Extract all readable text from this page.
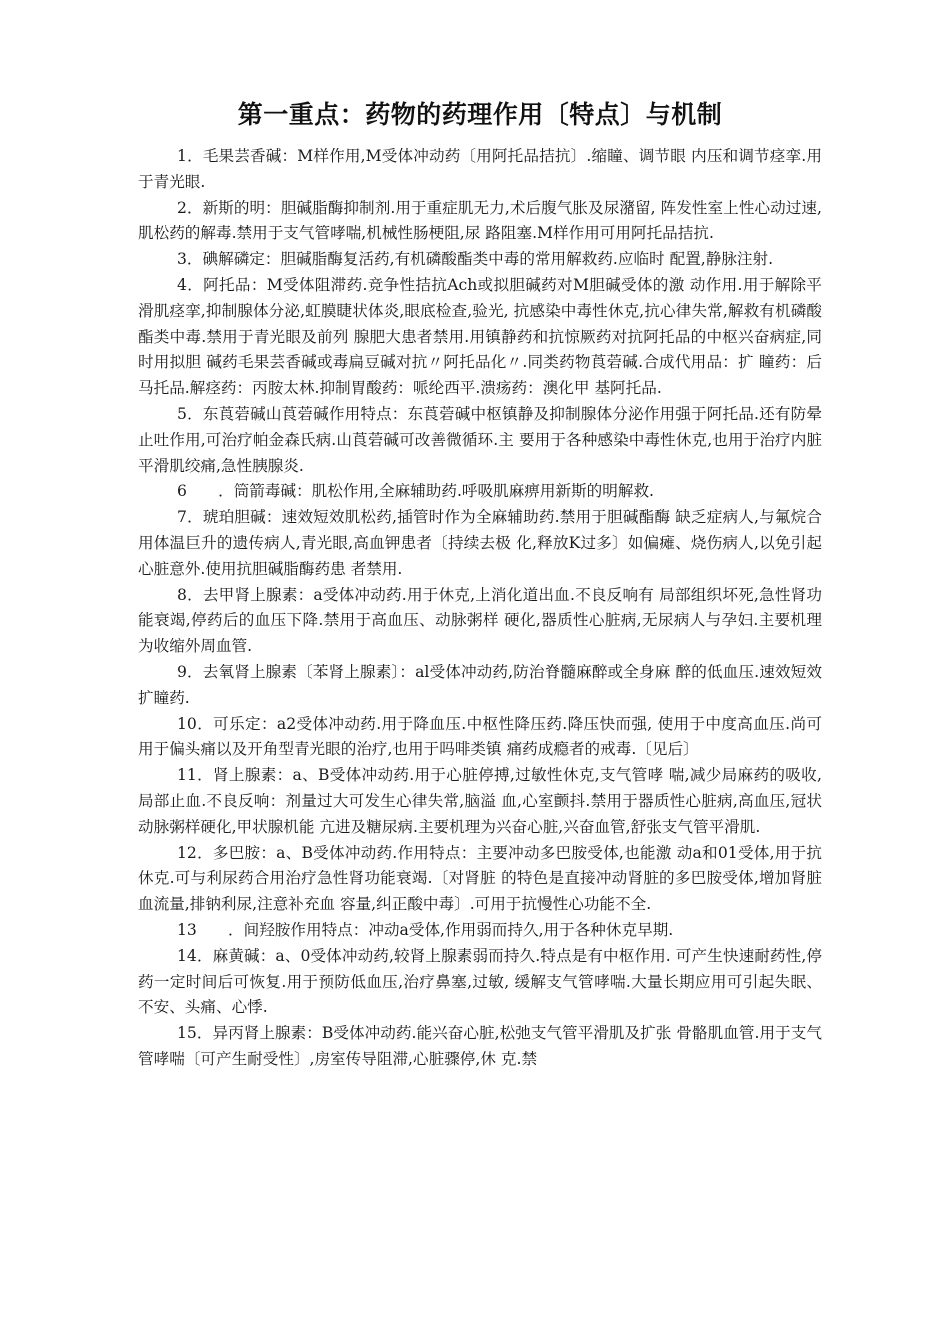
第一重点：药物的药理作用〔特点〕与机制

1．毛果芸香碱：M样作用,M受体冲动药〔用阿托品拮抗〕.缩瞳、调节眼 内压和调节痉挛.用于青光眼.

2．新斯的明：胆碱脂酶抑制剂.用于重症肌无力,术后腹气胀及尿潴留, 阵发性室上性心动过速,肌松药的解毒.禁用于支气管哮喘,机械性肠梗阻,尿 路阻塞.M样作用可用阿托品拮抗.

3．碘解磷定：胆碱脂酶复活药,有机磷酸酯类中毒的常用解救药.应临时 配置,静脉注射.

4．阿托品：M受体阻滞药.竞争性拮抗Ach或拟胆碱药对M胆碱受体的激 动作用.用于解除平滑肌痉挛,抑制腺体分泌,虹膜睫状体炎,眼底检查,验光, 抗感染中毒性休克,抗心律失常,解救有机磷酸酯类中毒.禁用于青光眼及前列 腺肥大患者禁用.用镇静药和抗惊厥药对抗阿托品的中枢兴奋病症,同时用拟胆 碱药毛果芸香碱或毒扁豆碱对抗〃阿托品化〃.同类药物莨菪碱.合成代用品：扩 瞳药：后马托品.解痉药：丙胺太林.抑制胃酸药：哌纶西平.溃疡药：澳化甲 基阿托品.

5．东莨菪碱山莨菪碱作用特点：东莨菪碱中枢镇静及抑制腺体分泌作用强于阿托品.还有防晕止吐作用,可治疗帕金森氏病.山莨菪碱可改善微循环.主 要用于各种感染中毒性休克,也用于治疗内脏平滑肌绞痛,急性胰腺炎.

6　　．筒箭毒碱：肌松作用,全麻辅助药.呼吸肌麻痹用新斯的明解救.

7．琥珀胆碱：速效短效肌松药,插管时作为全麻辅助药.禁用于胆碱酯酶 缺乏症病人,与氟烷合用体温巨升的遗传病人,青光眼,高血钾患者〔持续去极 化,释放K过多〕如偏瘫、烧伤病人,以免引起心脏意外.使用抗胆碱脂酶药患 者禁用.

8．去甲肾上腺素：a受体冲动药.用于休克,上消化道出血.不良反响有 局部组织坏死,急性肾功能衰竭,停药后的血压下降.禁用于高血压、动脉粥样 硬化,器质性心脏病,无尿病人与孕妇.主要机理为收缩外周血管.

9．去氧肾上腺素〔苯肾上腺素〕：al受体冲动药,防治脊髓麻醉或全身麻 醉的低血压.速效短效扩瞳药.

10．可乐定：a2受体冲动药.用于降血压.中枢性降压药.降压快而强, 使用于中度高血压.尚可用于偏头痛以及开角型青光眼的治疗,也用于吗啡类镇 痛药成瘾者的戒毒.〔见后〕

11．肾上腺素：a、B受体冲动药.用于心脏停搏,过敏性休克,支气管哮 喘,减少局麻药的吸收,局部止血.不良反响：剂量过大可发生心律失常,脑溢 血,心室颤抖.禁用于器质性心脏病,高血压,冠状动脉粥样硬化,甲状腺机能 亢进及糖尿病.主要机理为兴奋心脏,兴奋血管,舒张支气管平滑肌.

12．多巴胺：a、B受体冲动药.作用特点：主要冲动多巴胺受体,也能激 动a和01受体,用于抗休克.可与利尿药合用治疗急性肾功能衰竭.〔对肾脏 的特色是直接冲动肾脏的多巴胺受体,增加肾脏血流量,排钠利尿,注意补充血 容量,纠正酸中毒〕.可用于抗慢性心功能不全.

13　　．间羟胺作用特点：冲动a受体,作用弱而持久,用于各种休克早期.

14．麻黄碱：a、0受体冲动药,较肾上腺素弱而持久.特点是有中枢作用. 可产生快速耐药性,停药一定时间后可恢复.用于预防低血压,治疗鼻塞,过敏, 缓解支气管哮喘.大量长期应用可引起失眠、不安、头痛、心悸.

15．异丙肾上腺素：B受体冲动药.能兴奋心脏,松弛支气管平滑肌及扩张 骨骼肌血管.用于支气管哮喘〔可产生耐受性〕,房室传导阻滞,心脏骤停,休 克.禁
